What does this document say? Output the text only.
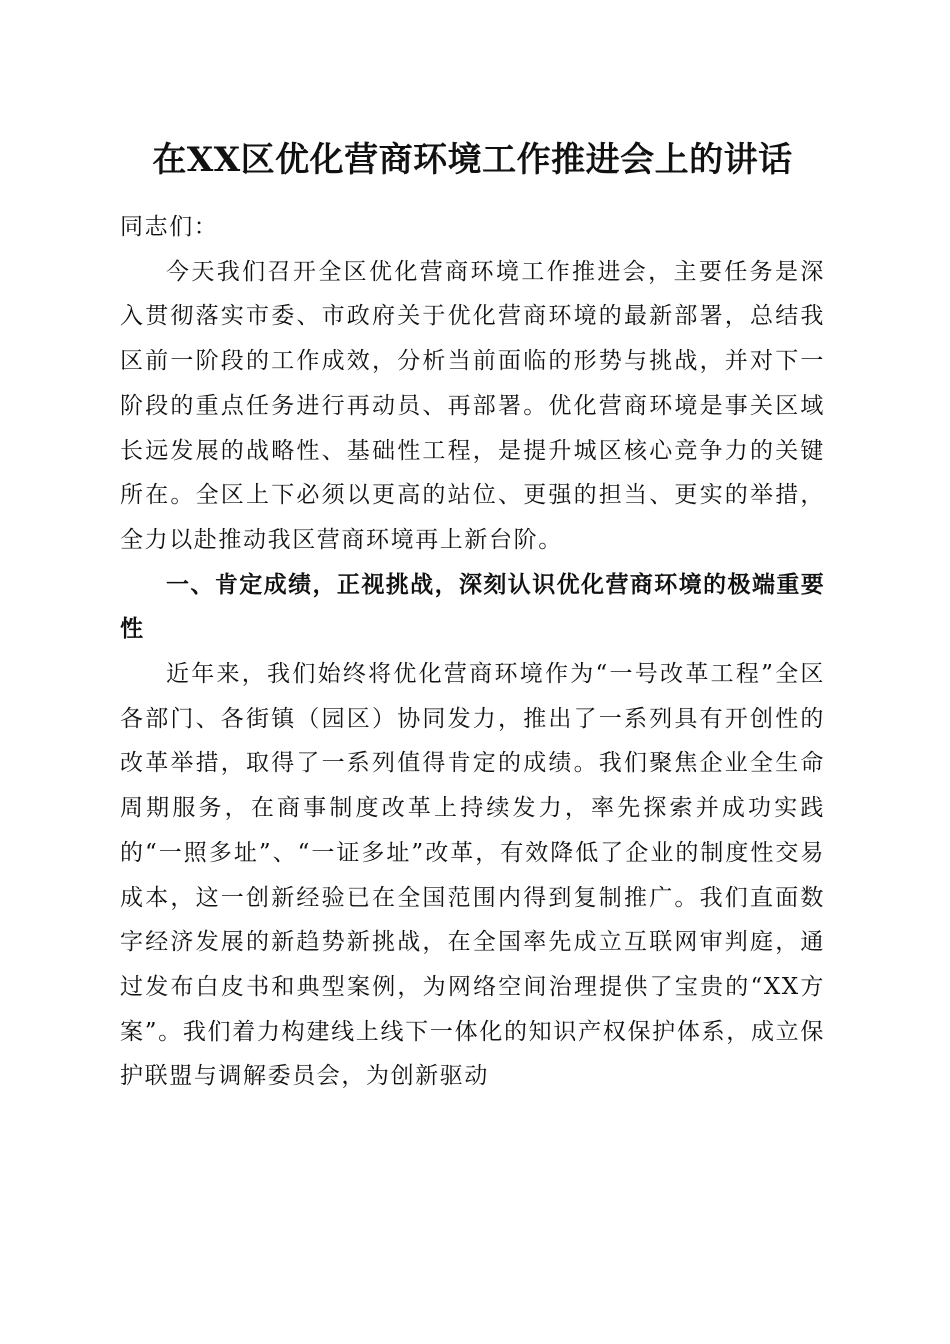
在XX区优化营商环境工作推进会上的讲话

同志们：

今天我们召开全区优化营商环境工作推进会，主要任务是深入贯彻落实市委、市政府关于优化营商环境的最新部署，总结我区前一阶段的工作成效，分析当前面临的形势与挑战，并对下一阶段的重点任务进行再动员、再部署。优化营商环境是事关区域长远发展的战略性、基础性工程，是提升城区核心竞争力的关键所在。全区上下必须以更高的站位、更强的担当、更实的举措，全力以赴推动我区营商环境再上新台阶。

一、肯定成绩，正视挑战，深刻认识优化营商环境的极端重要性

近年来，我们始终将优化营商环境作为“一号改革工程”全区各部门、各街镇（园区）协同发力，推出了一系列具有开创性的改革举措，取得了一系列值得肯定的成绩。我们聚焦企业全生命周期服务，在商事制度改革上持续发力，率先探索并成功实践的“一照多址”、“一证多址”改革，有效降低了企业的制度性交易成本，这一创新经验已在全国范围内得到复制推广。我们直面数字经济发展的新趋势新挑战，在全国率先成立互联网审判庭，通过发布白皮书和典型案例，为网络空间治理提供了宝贵的“XX方案”。我们着力构建线上线下一体化的知识产权保护体系，成立保护联盟与调解委员会，为创新驱动
